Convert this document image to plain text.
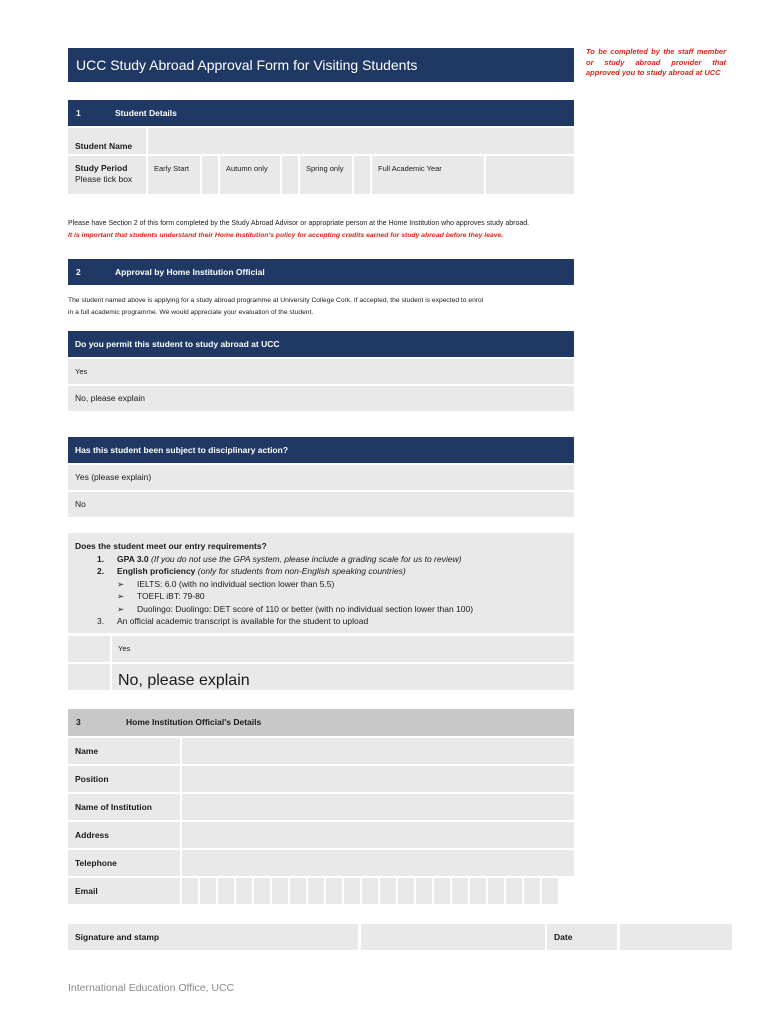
UCC Study Abroad Approval Form for Visiting Students
To be completed by the staff member or study abroad provider that approved you to study abroad at UCC
1	Student Details
Student Name
Study Period
Please tick box
Early Start	Autumn only	Spring only	Full Academic Year
Please have Section 2 of this form completed by the Study Abroad Advisor or appropriate person at the Home Institution who approves study abroad.
It is important that students understand their Home Institution's policy for accepting credits earned for study abroad before they leave.
2	Approval by Home Institution Official
The student named above is applying for a study abroad programme at University College Cork. If accepted, the student is expected to enrol
in a full academic programme. We would appreciate your evaluation of the student.
Do you permit this student to study abroad at UCC
Yes
No, please explain
Has this student been subject to disciplinary action?
Yes (please explain)
No
Does the student meet our entry requirements?
1. GPA 3.0 (If you do not use the GPA system, please include a grading scale for us to review)
2. English proficiency (only for students from non-English speaking countries)
➢ IELTS: 6.0 (with no individual section lower than 5.5)
➢ TOEFL iBT: 79-80
➢ Duolingo: Duolingo: DET score of 110 or better (with no individual section lower than 100)
3. An official academic transcript is available for the student to upload
Yes
No, please explain
3	Home Institution Official's Details
Name
Position
Name of Institution
Address
Telephone
Email
Signature and stamp	Date
International Education Office, UCC
